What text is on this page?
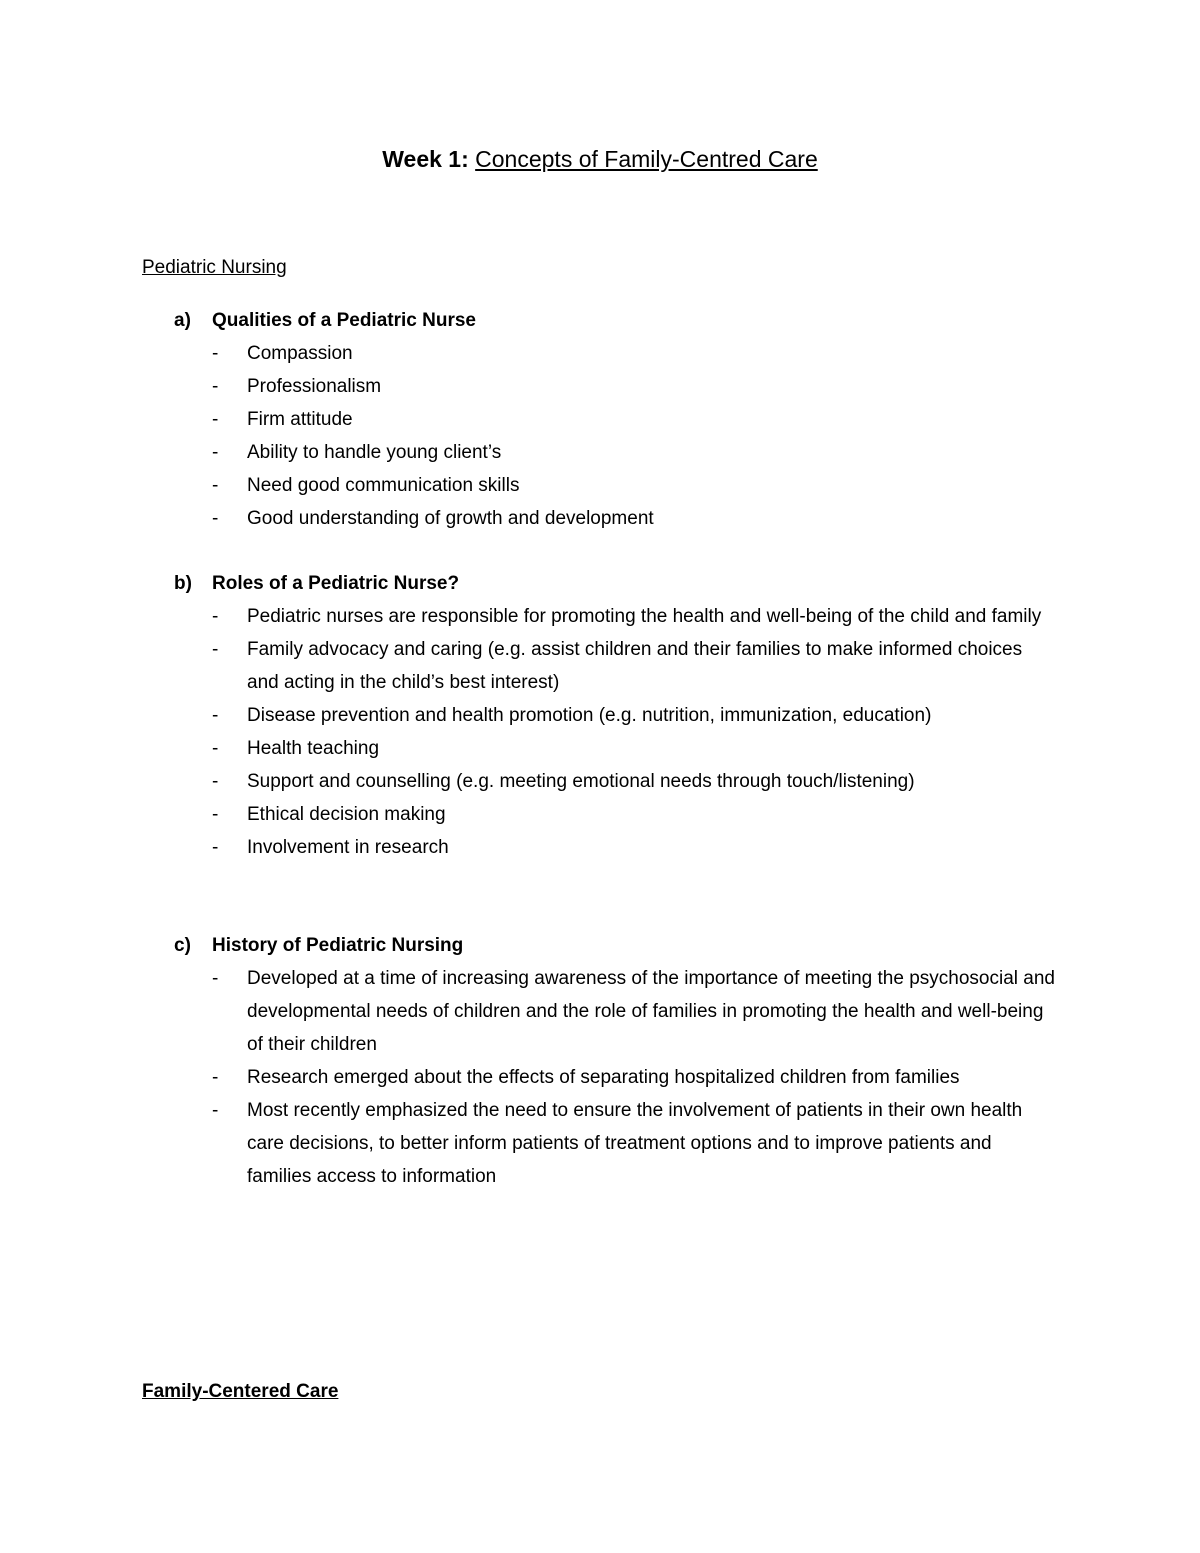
Week 1: Concepts of Family-Centred Care
Pediatric Nursing
a) Qualities of a Pediatric Nurse
- Compassion
- Professionalism
- Firm attitude
- Ability to handle young client’s
- Need good communication skills
- Good understanding of growth and development
b) Roles of a Pediatric Nurse?
- Pediatric nurses are responsible for promoting the health and well-being of the child and family
- Family advocacy and caring (e.g. assist children and their families to make informed choices and acting in the child’s best interest)
- Disease prevention and health promotion (e.g. nutrition, immunization, education)
- Health teaching
- Support and counselling (e.g. meeting emotional needs through touch/listening)
- Ethical decision making
- Involvement in research
c) History of Pediatric Nursing
- Developed at a time of increasing awareness of the importance of meeting the psychosocial and developmental needs of children and the role of families in promoting the health and well-being of their children
- Research emerged about the effects of separating hospitalized children from families
- Most recently emphasized the need to ensure the involvement of patients in their own health care decisions, to better inform patients of treatment options and to improve patients and families access to information
Family-Centered Care
